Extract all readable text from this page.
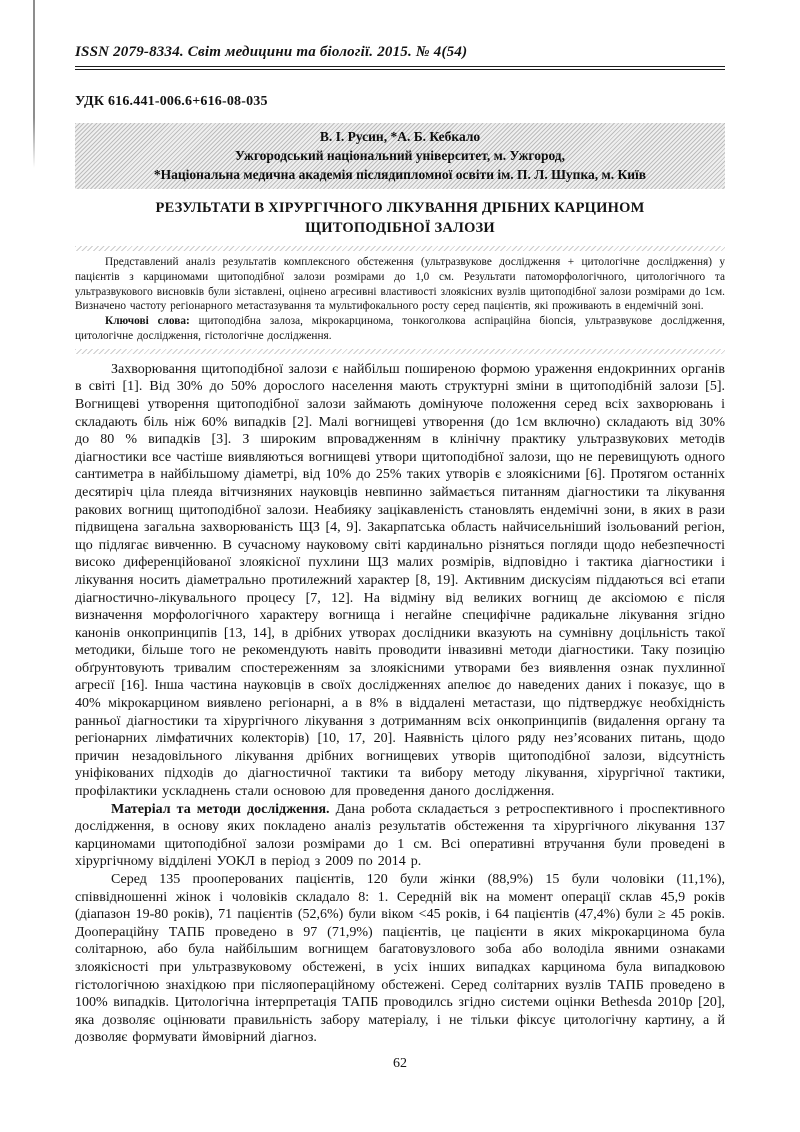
ISSN 2079-8334. Світ медицини та біології. 2015. № 4(54)
УДК 616.441-006.6+616-08-035
В. І. Русин, *А. Б. Кебкало
Ужгородський національний університет, м. Ужгород,
*Національна медична академія післядипломної освіти ім. П. Л. Шупка, м. Київ
РЕЗУЛЬТАТИ В ХІРУРГІЧНОГО ЛІКУВАННЯ ДРІБНИХ КАРЦИНОМ
ЩИТОПОДІБНОЇ ЗАЛОЗИ

Представлений аналіз результатів комплексного обстеження (ультразвукове дослідження + цитологічне дослідження) у пацієнтів з карциномами щитоподібної залози розмірами до 1,0 см. Результати патоморфологічного, цитологічного та ультразвукового висновків були зіставлені, оцінено агресивні властивості злоякісних вузлів щитоподібної залози розмірами до 1см. Визначено частоту регіонарного метастазування та мультифокального росту серед пацієнтів, які проживають в ендемічній зоні.

Ключові слова: щитоподібна залоза, мікрокарцинома, тонкоголкова аспіраційна біопсія, ультразвукове дослідження, цитологічне дослідження, гістологічне дослідження.

Захворювання щитоподібної залози є найбільш поширеною формою ураження ендокринних органів в світі [1]. Від 30% до 50% дорослого населення мають структурні зміни в щитоподібній залози [5]. Вогнищеві утворення щитоподібної залози займають домінуюче положення серед всіх захворювань і складають біль ніж 60% випадків [2]. Малі вогнищеві утворення (до 1см включно) складають від 30% до 80 % випадків [3]. З широким впровадженням в клінічну практику ультразвукових методів діагностики все частіше виявляються вогнищеві утвори щитоподібної залози, що не перевищують одного сантиметра в найбільшому діаметрі, від 10% до 25% таких утворів є злоякісними [6]. Протягом останніх десятиріч ціла плеяда вітчизняних науковців невпинно займається питанням діагностики та лікування ракових вогнищ щитоподібної залози. Неабияку зацікавленість становлять ендемічні зони, в яких в рази підвищена загальна захворюваність ЩЗ [4, 9]. Закарпатська область найчисельніший ізольований регіон, що підлягає вивченню. В сучасному науковому світі кардинально різняться погляди щодо небезпечності високо диференційованої злоякісної пухлини ЩЗ малих розмірів, відповідно і тактика діагностики і лікування носить діаметрально протилежний характер [8, 19]. Активним дискусіям піддаються всі етапи діагностично-лікувального процесу [7, 12]. На відміну від великих вогнищ де аксіомою є після визначення морфологічного характеру вогнища і негайне специфічне радикальне лікування згідно канонів онкопринципів [13, 14], в дрібних утворах дослідники вказують на сумнівну доцільність такої методики, більше того не рекомендують навіть проводити інвазивні методи діагностики. Таку позицію обґрунтовують тривалим спостереженням за злоякісними утворами без виявлення ознак пухлинної агресії [16]. Інша частина науковців в своїх дослідженнях апелює до наведених даних і показує, що в 40% мікрокарцином виявлено регіонарні, а в 8% в віддалені метастази, що підтверджує необхідність ранньої діагностики та хірургічного лікування з дотриманням всіх онкопринципів (видалення органу та регіонарних лімфатичних колекторів) [10, 17, 20]. Наявність цілого ряду нез’ясованих питань, щодо причин незадовільного лікування дрібних вогнищевих утворів щитоподібної залози, відсутність уніфікованих підходів до діагностичної тактики та вибору методу лікування, хірургічної тактики, профілактики ускладнень стали основою для проведення даного дослідження.

Матеріал та методи дослідження. Дана робота складається з ретроспективного і проспективного дослідження, в основу яких покладено аналіз результатів обстеження та хірургічного лікування 137 карциномами щитоподібної залози розмірами до 1 см. Всі оперативні втручання були проведені в хірургічному відділені УОКЛ в період з 2009 по 2014 р.

Серед 135 прооперованих пацієнтів, 120 були жінки (88,9%) 15 були чоловіки (11,1%), співвідношенні жінок і чоловіків складало 8: 1. Середній вік на момент операції склав 45,9 років (діапазон 19-80 років), 71 пацієнтів (52,6%) були віком <45 років, і 64 пацієнтів (47,4%) були ≥ 45 років. Доопераційну ТАПБ проведено в 97 (71,9%) пацієнтів, це пацієнти в яких мікрокарцинома була солітарною, або була найбільшим вогнищем багатовузлового зоба або володіла явними ознаками злоякісності при ультразвуковому обстежені, в усіх інших випадках карцинома була випадковою гістологічною знахідкою при післяопераційному обстежені. Серед солітарних вузлів ТАПБ проведено в 100% випадків. Цитологічна інтерпретація ТАПБ проводилсь згідно системи оцінки Bethesda 2010р [20], яка дозволяє оцінювати правильність забору матеріалу, і не тільки фіксує цитологічну картину, а й дозволяє формувати ймовірний діагноз.

62
